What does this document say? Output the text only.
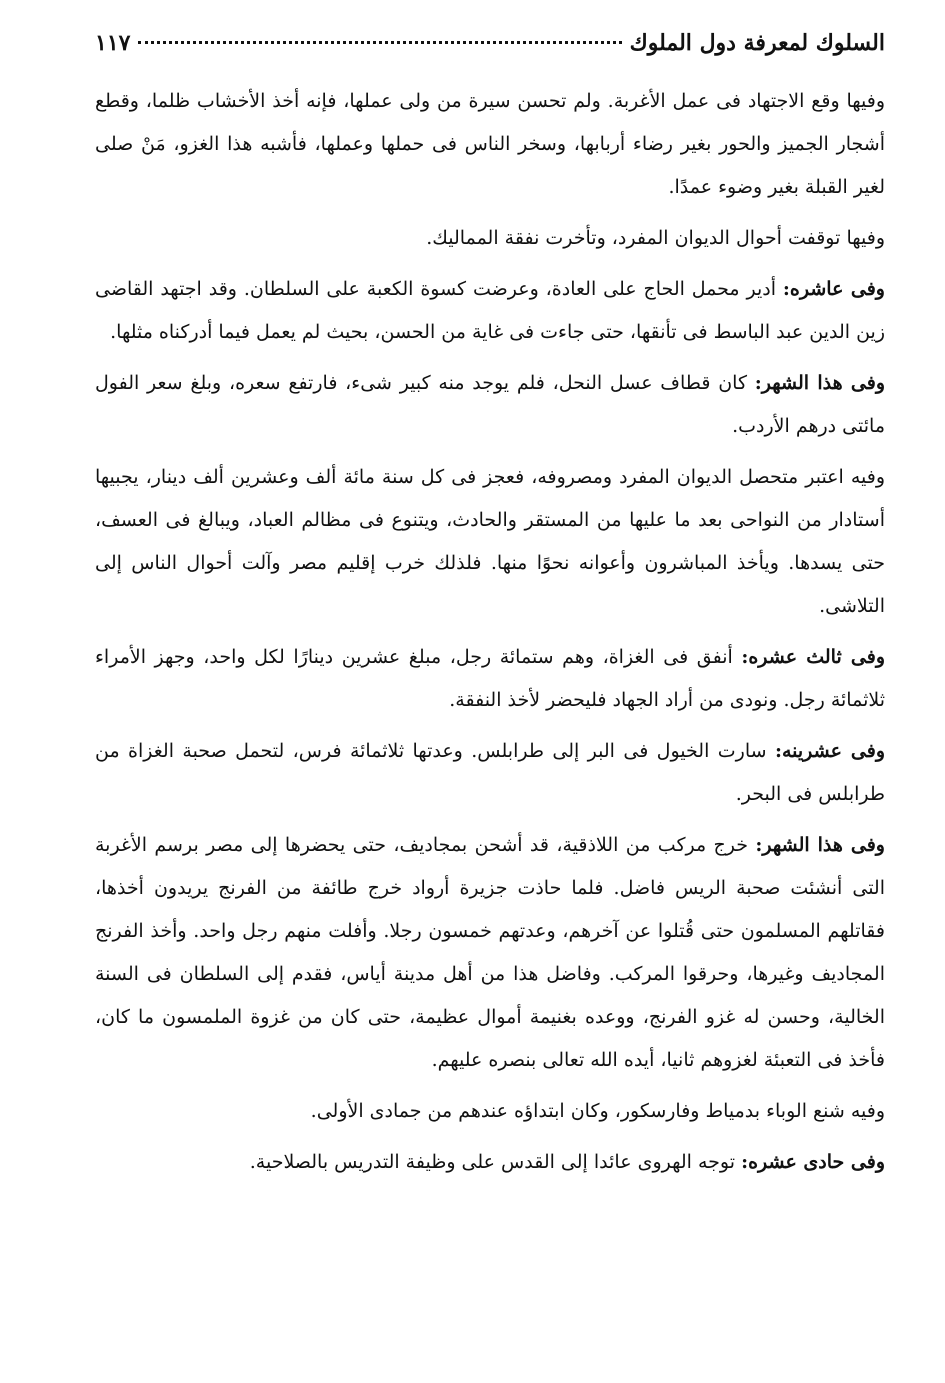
السلوك لمعرفة دول الملوك
١١٧

وفيها وقع الاجتهاد فى عمل الأغربة. ولم تحسن سيرة من ولى عملها، فإنه أخذ الأخشاب ظلما، وقطع أشجار الجميز والحور بغير رضاء أربابها، وسخر الناس فى حملها وعملها، فأشبه هذا الغزو، مَنْ صلى لغير القبلة بغير وضوء عمدًا.

وفيها توقفت أحوال الديوان المفرد، وتأخرت نفقة المماليك.

وفى عاشره: أدير محمل الحاج على العادة، وعرضت كسوة الكعبة على السلطان. وقد اجتهد القاضى زين الدين عبد الباسط فى تأنقها، حتى جاءت فى غاية من الحسن، بحيث لم يعمل فيما أدركناه مثلها.

وفى هذا الشهر: كان قطاف عسل النحل، فلم يوجد منه كبير شىء، فارتفع سعره، وبلغ سعر الفول مائتى درهم الأردب.

وفيه اعتبر متحصل الديوان المفرد ومصروفه، فعجز فى كل سنة مائة ألف وعشرين ألف دينار، يجبيها أستادار من النواحى بعد ما عليها من المستقر والحادث، ويتنوع فى مظالم العباد، ويبالغ فى العسف، حتى يسدها. ويأخذ المباشرون وأعوانه نحوًا منها. فلذلك خرب إقليم مصر وآلت أحوال الناس إلى التلاشى.

وفى ثالث عشره: أنفق فى الغزاة، وهم ستمائة رجل، مبلغ عشرين دينارًا لكل واحد، وجهز الأمراء ثلاثمائة رجل. ونودى من أراد الجهاد فليحضر لأخذ النفقة.

وفى عشرينه: سارت الخيول فى البر إلى طرابلس. وعدتها ثلاثمائة فرس، لتحمل صحبة الغزاة من طرابلس فى البحر.

وفى هذا الشهر: خرج مركب من اللاذقية، قد أشحن بمجاديف، حتى يحضرها إلى مصر برسم الأغربة التى أنشئت صحبة الريس فاضل. فلما حاذت جزيرة أرواد خرج طائفة من الفرنج يريدون أخذها، فقاتلهم المسلمون حتى قُتلوا عن آخرهم، وعدتهم خمسون رجلا. وأفلت منهم رجل واحد. وأخذ الفرنج المجاديف وغيرها، وحرقوا المركب. وفاضل هذا من أهل مدينة أياس، فقدم إلى السلطان فى السنة الخالية، وحسن له غزو الفرنج، ووعده بغنيمة أموال عظيمة، حتى كان من غزوة الملمسون ما كان، فأخذ فى التعبئة لغزوهم ثانيا، أيده الله تعالى بنصره عليهم.

وفيه شنع الوباء بدمياط وفارسكور، وكان ابتداؤه عندهم من جمادى الأولى.

وفى حادى عشره: توجه الهروى عائدا إلى القدس على وظيفة التدريس بالصلاحية.
